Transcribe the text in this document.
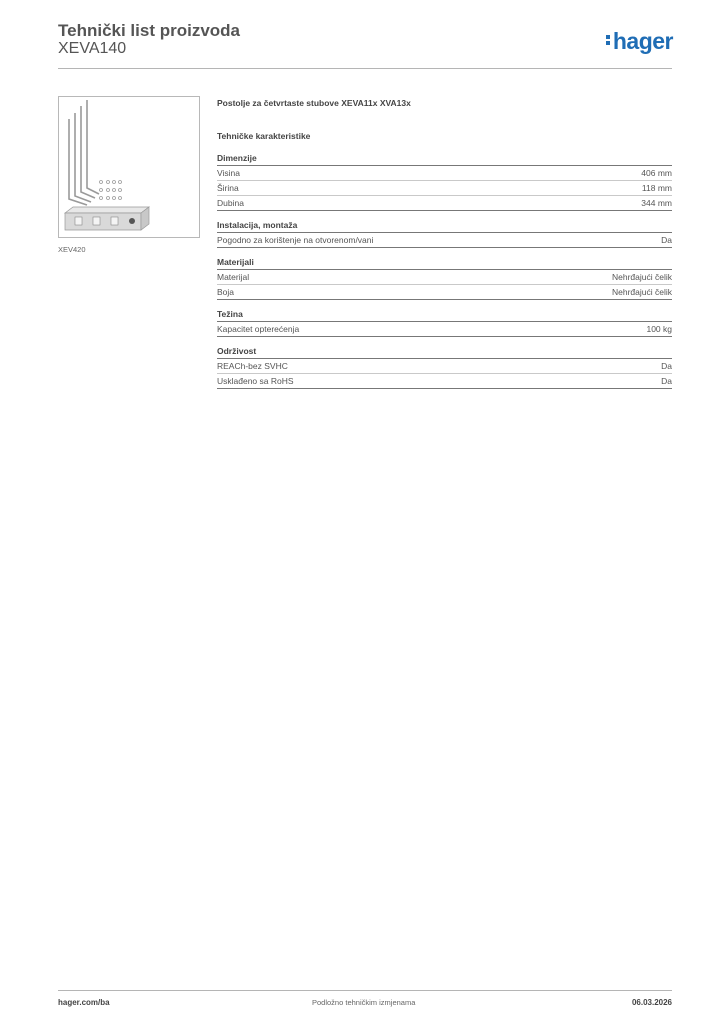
Tehnički list proizvoda
XEVA140	hager
XEV420
Postolje za četvrtaste stubove XEVA11x XVA13x
Tehničke karakteristike
Dimenzije
Visina	406 mm
Širina	118 mm
Dubina	344 mm
Instalacija, montaža
Pogodno za korištenje na otvorenom/vani	Da
Materijali
Materijal	Nehrđajući čelik
Boja	Nehrđajući čelik
Težina
Kapacitet opterećenja	100 kg
Održivost
REACh-bez SVHC	Da
Usklađeno sa RoHS	Da
hager.com/ba	Podložno tehničkim izmjenama	06.03.2026
